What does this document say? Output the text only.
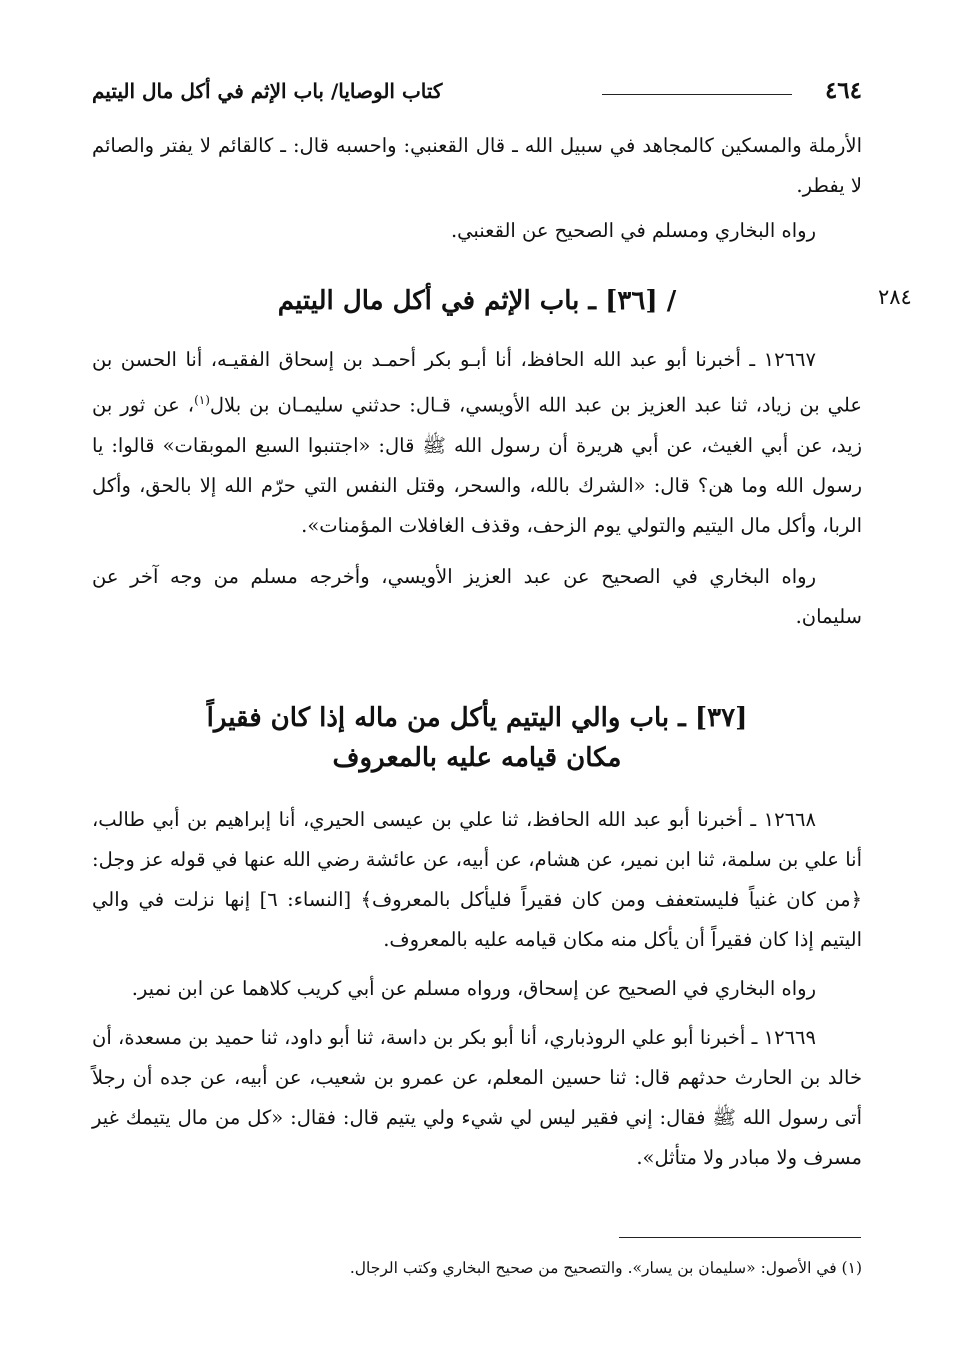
٤٦٤
كتاب الوصايا/ باب الإثم في أكل مال اليتيم

الأرملة والمسكين كالمجاهد في سبيل الله ـ قال القعنبي: واحسبه قال: ـ كالقائم لا يفتر والصائم لا يفطر.

رواه البخاري ومسلم في الصحيح عن القعنبي.

٢٨٤
/ [٣٦] ـ باب الإثم في أكل مال اليتيم

١٢٦٦٧ ـ أخبرنا أبو عبد الله الحافظ، أنا أبـو بكر أحمـد بن إسحاق الفقيـه، أنا الحسن بن علي بن زياد، ثنا عبد العزيز بن عبد الله الأويسي، قـال: حدثني سليمـان بن بلال$^{(١)}$، عن ثور بن زيد، عن أبي الغيث، عن أبي هريرة أن رسول الله ﷺ قال: «اجتنبوا السبع الموبقات» قالوا: يا رسول الله وما هن؟ قال: «الشرك بالله، والسحر، وقتل النفس التي حرّم الله إلا بالحق، وأكل الربا، وأكل مال اليتيم والتولي يوم الزحف، وقذف الغافلات المؤمنات».

رواه البخاري في الصحيح عن عبد العزيز الأويسي، وأخرجه مسلم من وجه آخر عن سليمان.

[٣٧] ـ باب والي اليتيم يأكل من ماله إذا كان فقيراً
مكان قيامه عليه بالمعروف

١٢٦٦٨ ـ أخبرنا أبو عبد الله الحافظ، ثنا علي بن عيسى الحيري، أنا إبراهيم بن أبي طالب، أنا علي بن سلمة، ثنا ابن نمير، عن هشام، عن أبيه، عن عائشة رضي الله عنها في قوله عز وجل: ﴿من كان غنياً فليستعفف ومن كان فقيراً فليأكل بالمعروف﴾ [النساء: ٦] إنها نزلت في والي اليتيم إذا كان فقيراً أن يأكل منه مكان قيامه عليه بالمعروف.

رواه البخاري في الصحيح عن إسحاق، ورواه مسلم عن أبي كريب كلاهما عن ابن نمير.

١٢٦٦٩ ـ أخبرنا أبو علي الروذباري، أنا أبو بكر بن داسة، ثنا أبو داود، ثنا حميد بن مسعدة، أن خالد بن الحارث حدثهم قال: ثنا حسين المعلم، عن عمرو بن شعيب، عن أبيه، عن جده أن رجلاً أتى رسول الله ﷺ فقال: إني فقير ليس لي شيء ولي يتيم قال: فقال: «كل من مال يتيمك غير مسرف ولا مبادر ولا متأثل».

(١) في الأصول: «سليمان بن يسار». والتصحيح من صحيح البخاري وكتب الرجال.
